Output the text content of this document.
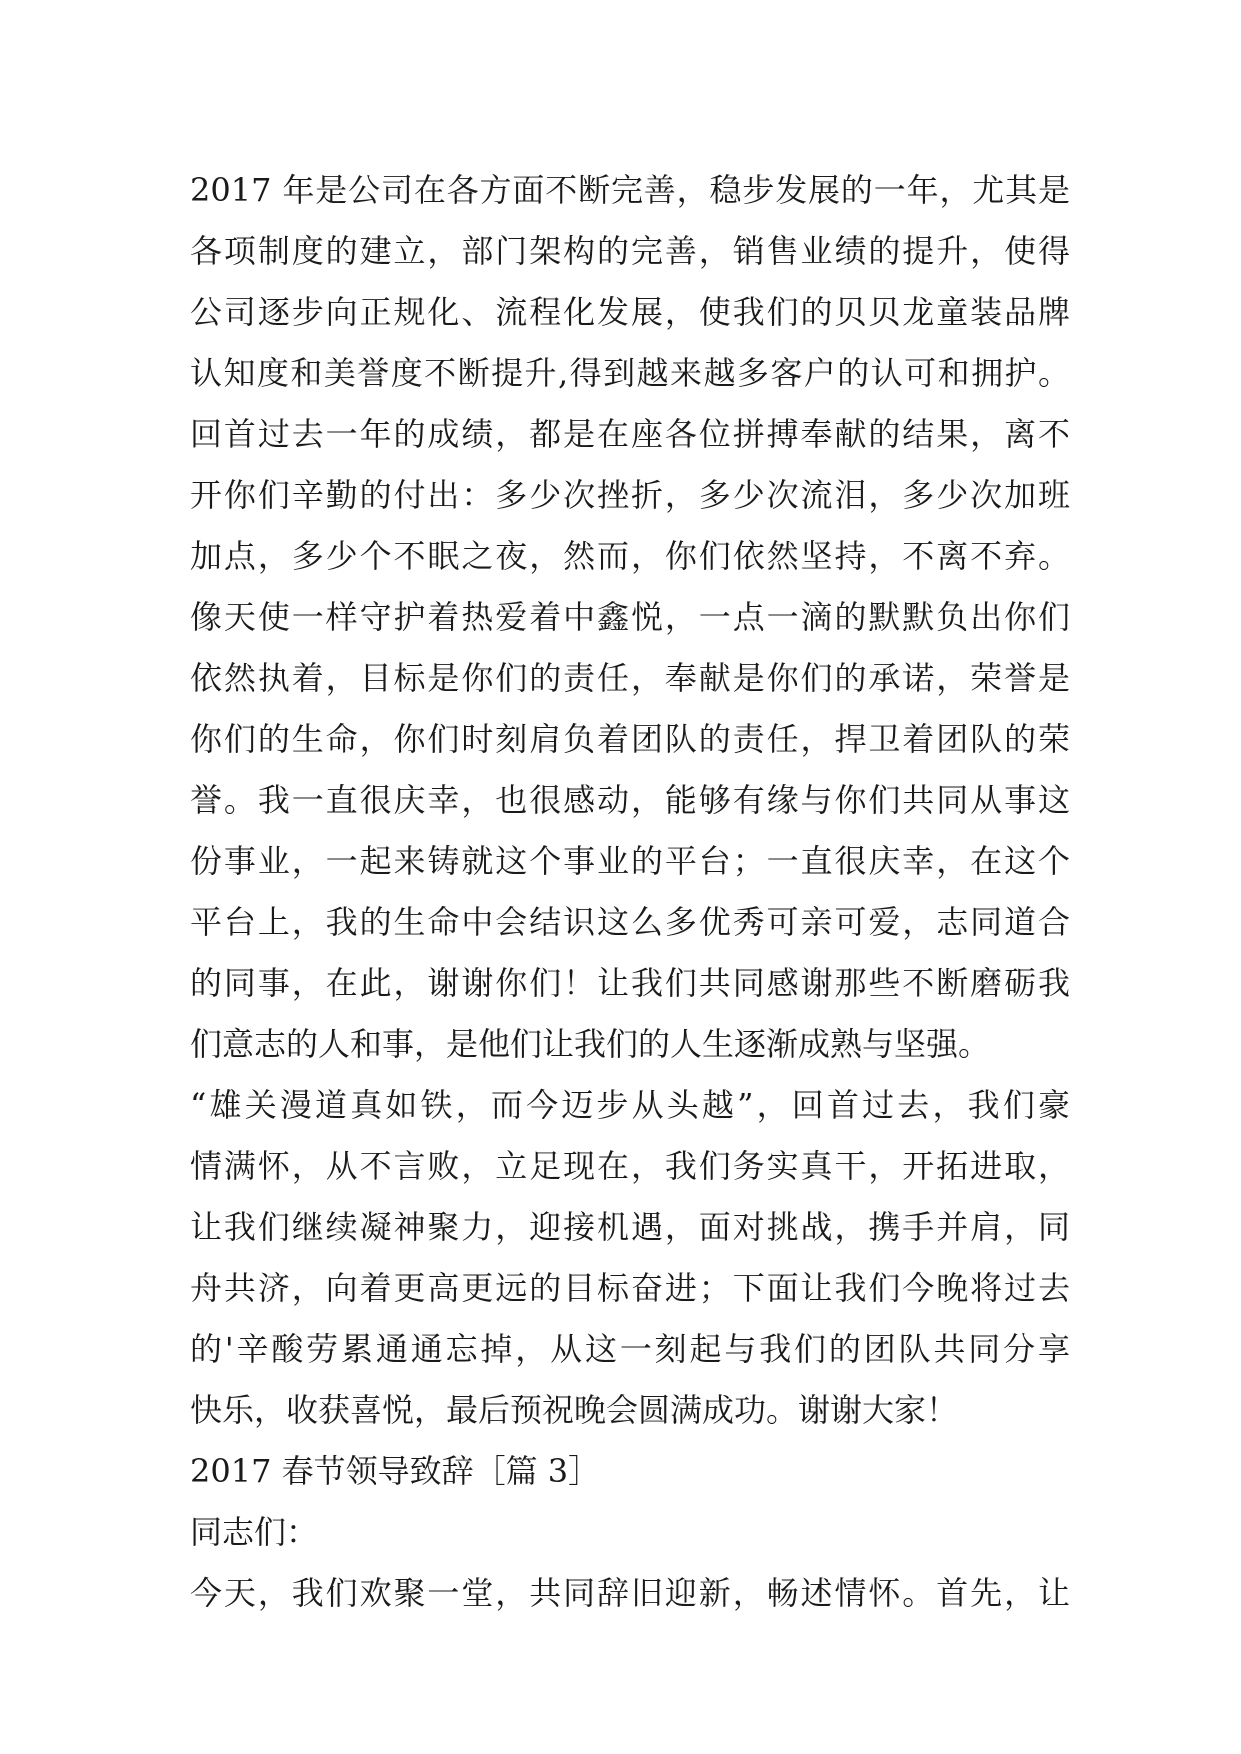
2017 年是公司在各方面不断完善，稳步发展的一年，尤其是
各项制度的建立，部门架构的完善，销售业绩的提升，使得
公司逐步向正规化、流程化发展，使我们的贝贝龙童装品牌
认知度和美誉度不断提升,得到越来越多客户的认可和拥护。
回首过去一年的成绩，都是在座各位拼搏奉献的结果，离不
开你们辛勤的付出：多少次挫折，多少次流泪，多少次加班
加点，多少个不眠之夜，然而，你们依然坚持，不离不弃。
像天使一样守护着热爱着中鑫悦，一点一滴的默默负出你们
依然执着，目标是你们的责任，奉献是你们的承诺，荣誉是
你们的生命，你们时刻肩负着团队的责任，捍卫着团队的荣
誉。我一直很庆幸，也很感动，能够有缘与你们共同从事这
份事业，一起来铸就这个事业的平台；一直很庆幸，在这个
平台上，我的生命中会结识这么多优秀可亲可爱，志同道合
的同事，在此，谢谢你们！让我们共同感谢那些不断磨砺我
们意志的人和事，是他们让我们的人生逐渐成熟与坚强。
“雄关漫道真如铁，而今迈步从头越”，回首过去，我们豪
情满怀，从不言败，立足现在，我们务实真干，开拓进取，
让我们继续凝神聚力，迎接机遇，面对挑战，携手并肩，同
舟共济，向着更高更远的目标奋进；下面让我们今晚将过去
的'辛酸劳累通通忘掉，从这一刻起与我们的团队共同分享
快乐，收获喜悦，最后预祝晚会圆满成功。谢谢大家！
2017 春节领导致辞［篇 3］
同志们：
今天，我们欢聚一堂，共同辞旧迎新，畅述情怀。首先，让
